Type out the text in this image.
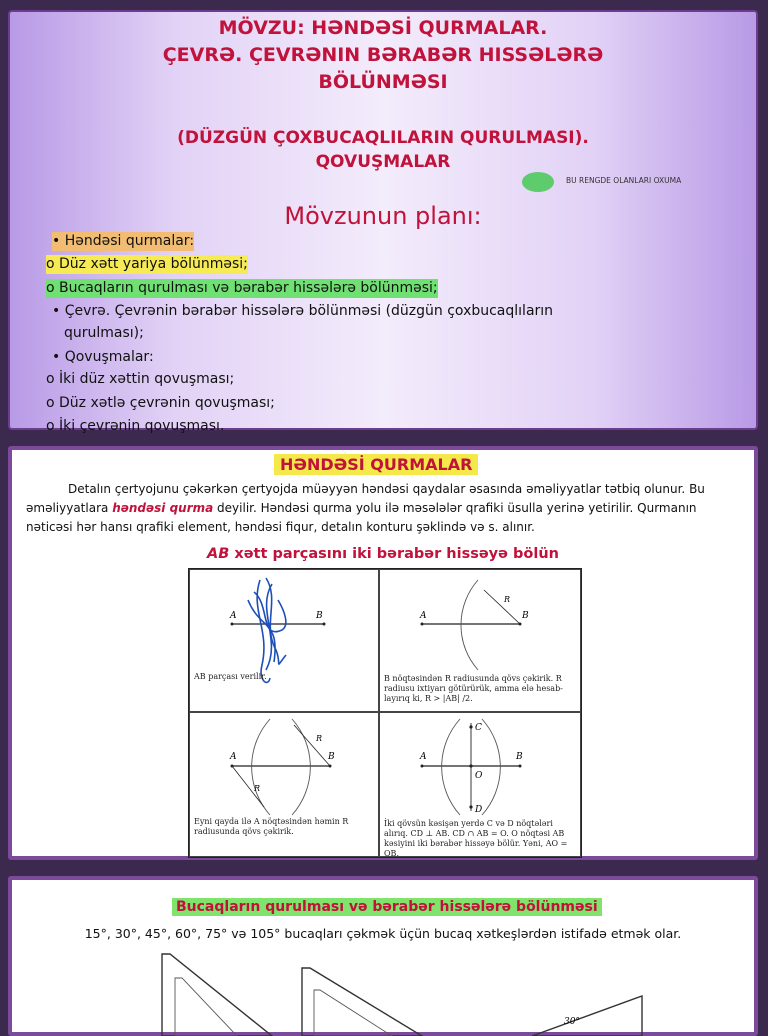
MÖVZU: HƏNDƏSİ QURMALAR.
ÇEVRƏ. ÇEVRƏNIN BƏRABƏR HISSƏLƏRƏ
BÖLÜNMƏSI
(DÜZGÜN ÇOXBUCAQLILARIN QURULMASI).
QOVUŞMALAR
BU RENGDE OLANLARI OXUMA
Mövzunun planı:
• Həndəsi qurmalar:
o Düz xətt yariya bölünməsi;
o Bucaqların qurulması və bərabər hissələrə bölünməsi;
• Çevrə. Çevrənin bərabər hissələrə bölünməsi (düzgün çoxbucaqlıların
qurulması);
• Qovuşmalar:
o İki düz xəttin qovuşması;
o Düz xətlə çevrənin qovuşması;
o İki çevrənin qovuşması.
HƏNDƏSİ QURMALAR
Detalın çertyojunu çəkərkən çertyojda müəyyən həndəsi qaydalar əsasında əməliyyatlar tətbiq olunur. Bu əməliyyatlara həndəsi qurma deyilir. Həndəsi qurma yolu ilə məsələlər qrafiki üsulla yerinə yetirilir. Qurmanın nəticəsi hər hansı qrafiki element, həndəsi fiqur, detalın konturu şəklində və s. alınır.
AB xətt parçasını iki bərabər hissəyə bölün
A	B
AB parçası verilir.
A	B
R
B nöqtəsindən R radiusunda qövs çəkirik. R radiusu ixtiyarı götürürük, amma elə hesab-layırıq ki, R > |AB| /2.
A	B
R
R
Eyni qaydа ilə A nöqtəsindən həmin R radiusunda qövs çəkirik.
A	B
C
D
O
İki qövsün kəsişən yerdə C və D nöqtələri alırıq. CD ⊥ AB. CD ∩ AB = O. O nöqtəsi AB kəsiyini iki bərabər hissəyə bölür. Yəni, AO = OB.
Bucaqların qurulması və bərabər hissələrə bölünməsi
15°, 30°, 45°, 60°, 75° və 105° bucaqları çəkmək üçün bucaq xətkeşlərdən istifadə etmək olar.
30°
